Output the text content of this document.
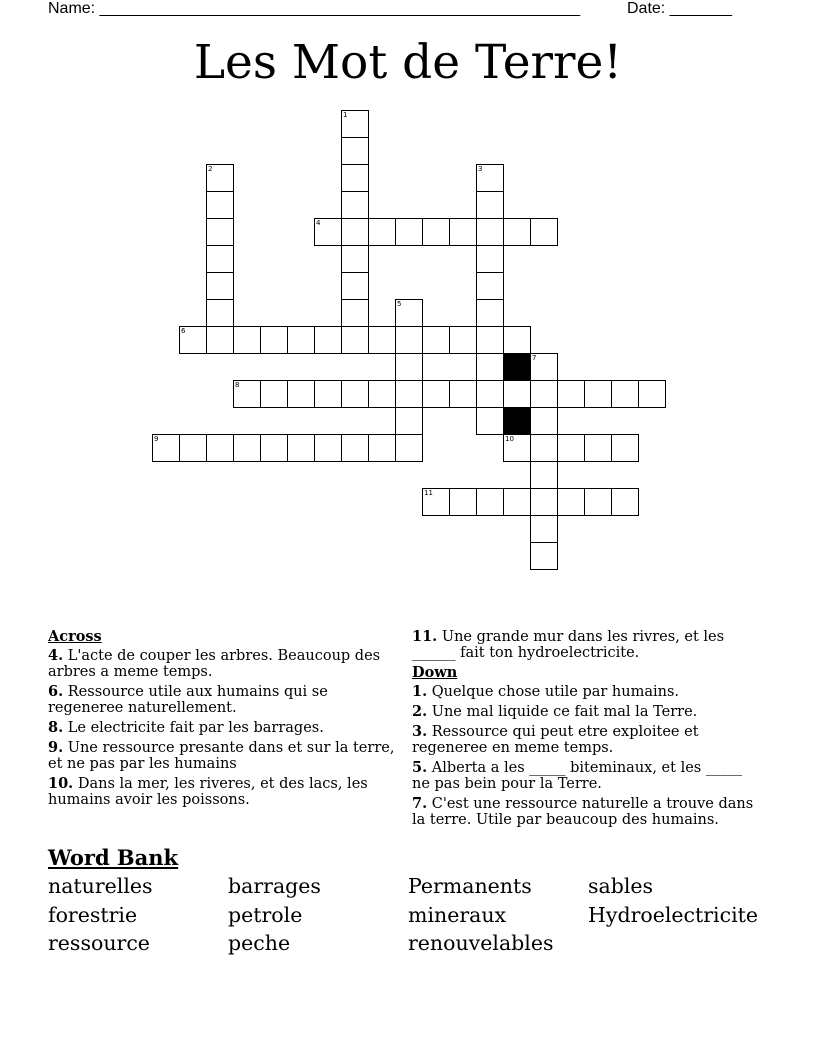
Name: ______________________________________________________	Date: _______
Les Mot de Terre!
4
6
8
9	10
11
1
2	3
5
7
Across
4. L'acte de couper les arbres. Beaucoup des arbres a meme temps.
6. Ressource utile aux humains qui se regeneree naturellement.
8. Le electricite fait par les barrages.
9. Une ressource presante dans et sur la terre, et ne pas par les humains
10. Dans la mer, les riveres, et des lacs, les humains avoir les poissons.
11. Une grande mur dans les rivres, et les ______ fait ton hydroelectricite.
Down
1. Quelque chose utile par humains.
2. Une mal liquide ce fait mal la Terre.
3. Ressource qui peut etre exploitee et regeneree en meme temps.
5. Alberta a les _____ biteminaux, et les _____ ne pas bein pour la Terre.
7. C'est une ressource naturelle a trouve dans la terre. Utile par beaucoup des humains.
Word Bank
naturelles	barrages	Permanents	sables
forestrie	petrole	mineraux	Hydroelectricite
ressource	peche	renouvelables
